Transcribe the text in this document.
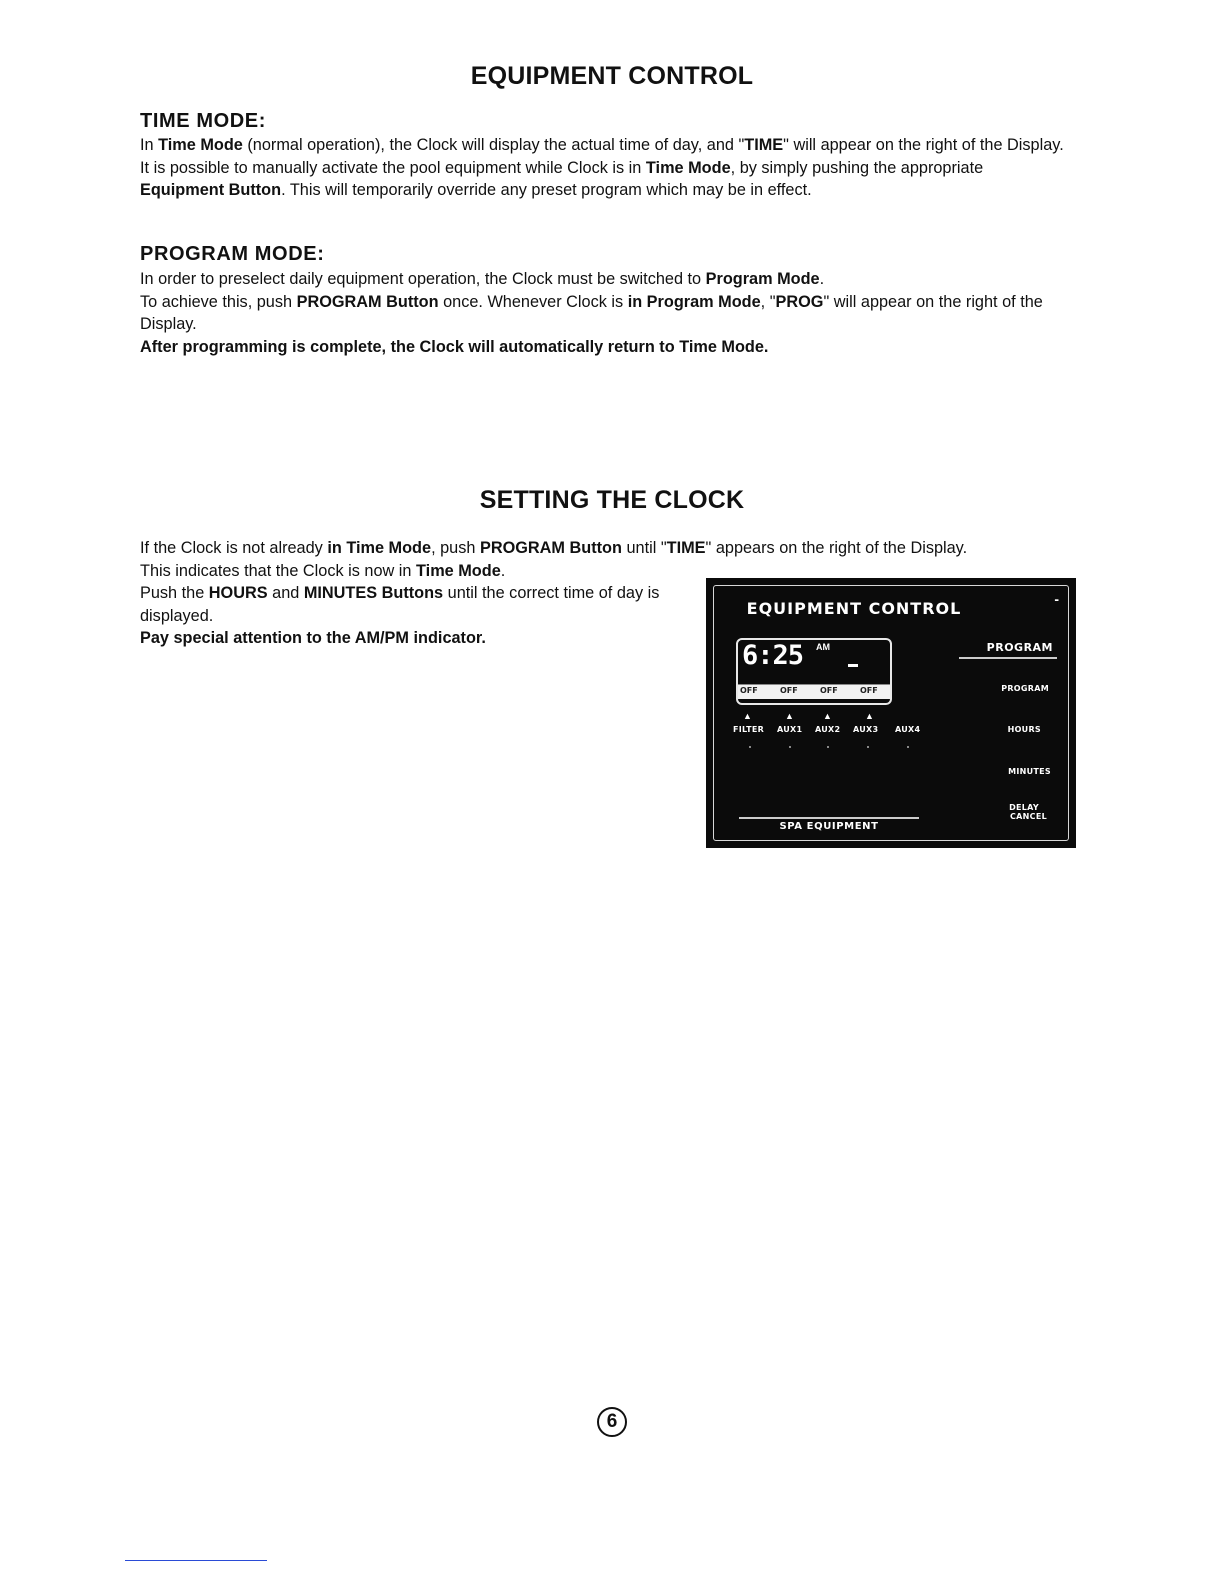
EQUIPMENT CONTROL
TIME MODE:

In Time Mode (normal operation), the Clock will display the actual time of day, and "TIME" will appear on the right of the Display.

It is possible to manually activate the pool equipment while Clock is in Time Mode, by simply pushing the appropriate Equipment Button. This will temporarily override any preset program which may be in effect.

PROGRAM MODE:

In order to preselect daily equipment operation, the Clock must be switched to Program Mode.

To achieve this, push PROGRAM Button once. Whenever Clock is in Program Mode, "PROG" will appear on the right of the Display.

After programming is complete, the Clock will automatically return to Time Mode.

SETTING THE CLOCK

If the Clock is not already in Time Mode, push PROGRAM Button until "TIME" appears on the right of the Display.

This indicates that the Clock is now in Time Mode.

Push the HOURS and MINUTES Buttons until the correct time of day is displayed.

Pay special attention to the AM/PM indicator.

EQUIPMENT CONTROL	-
6:25 AM
OFF	OFF	OFF	OFF
▲	▲	▲	▲
FILTER AUX1 AUX2 AUX3 AUX4
PROGRAM
PROGRAM
HOURS
MINUTES
DELAY
CANCEL
SPA EQUIPMENT
6
